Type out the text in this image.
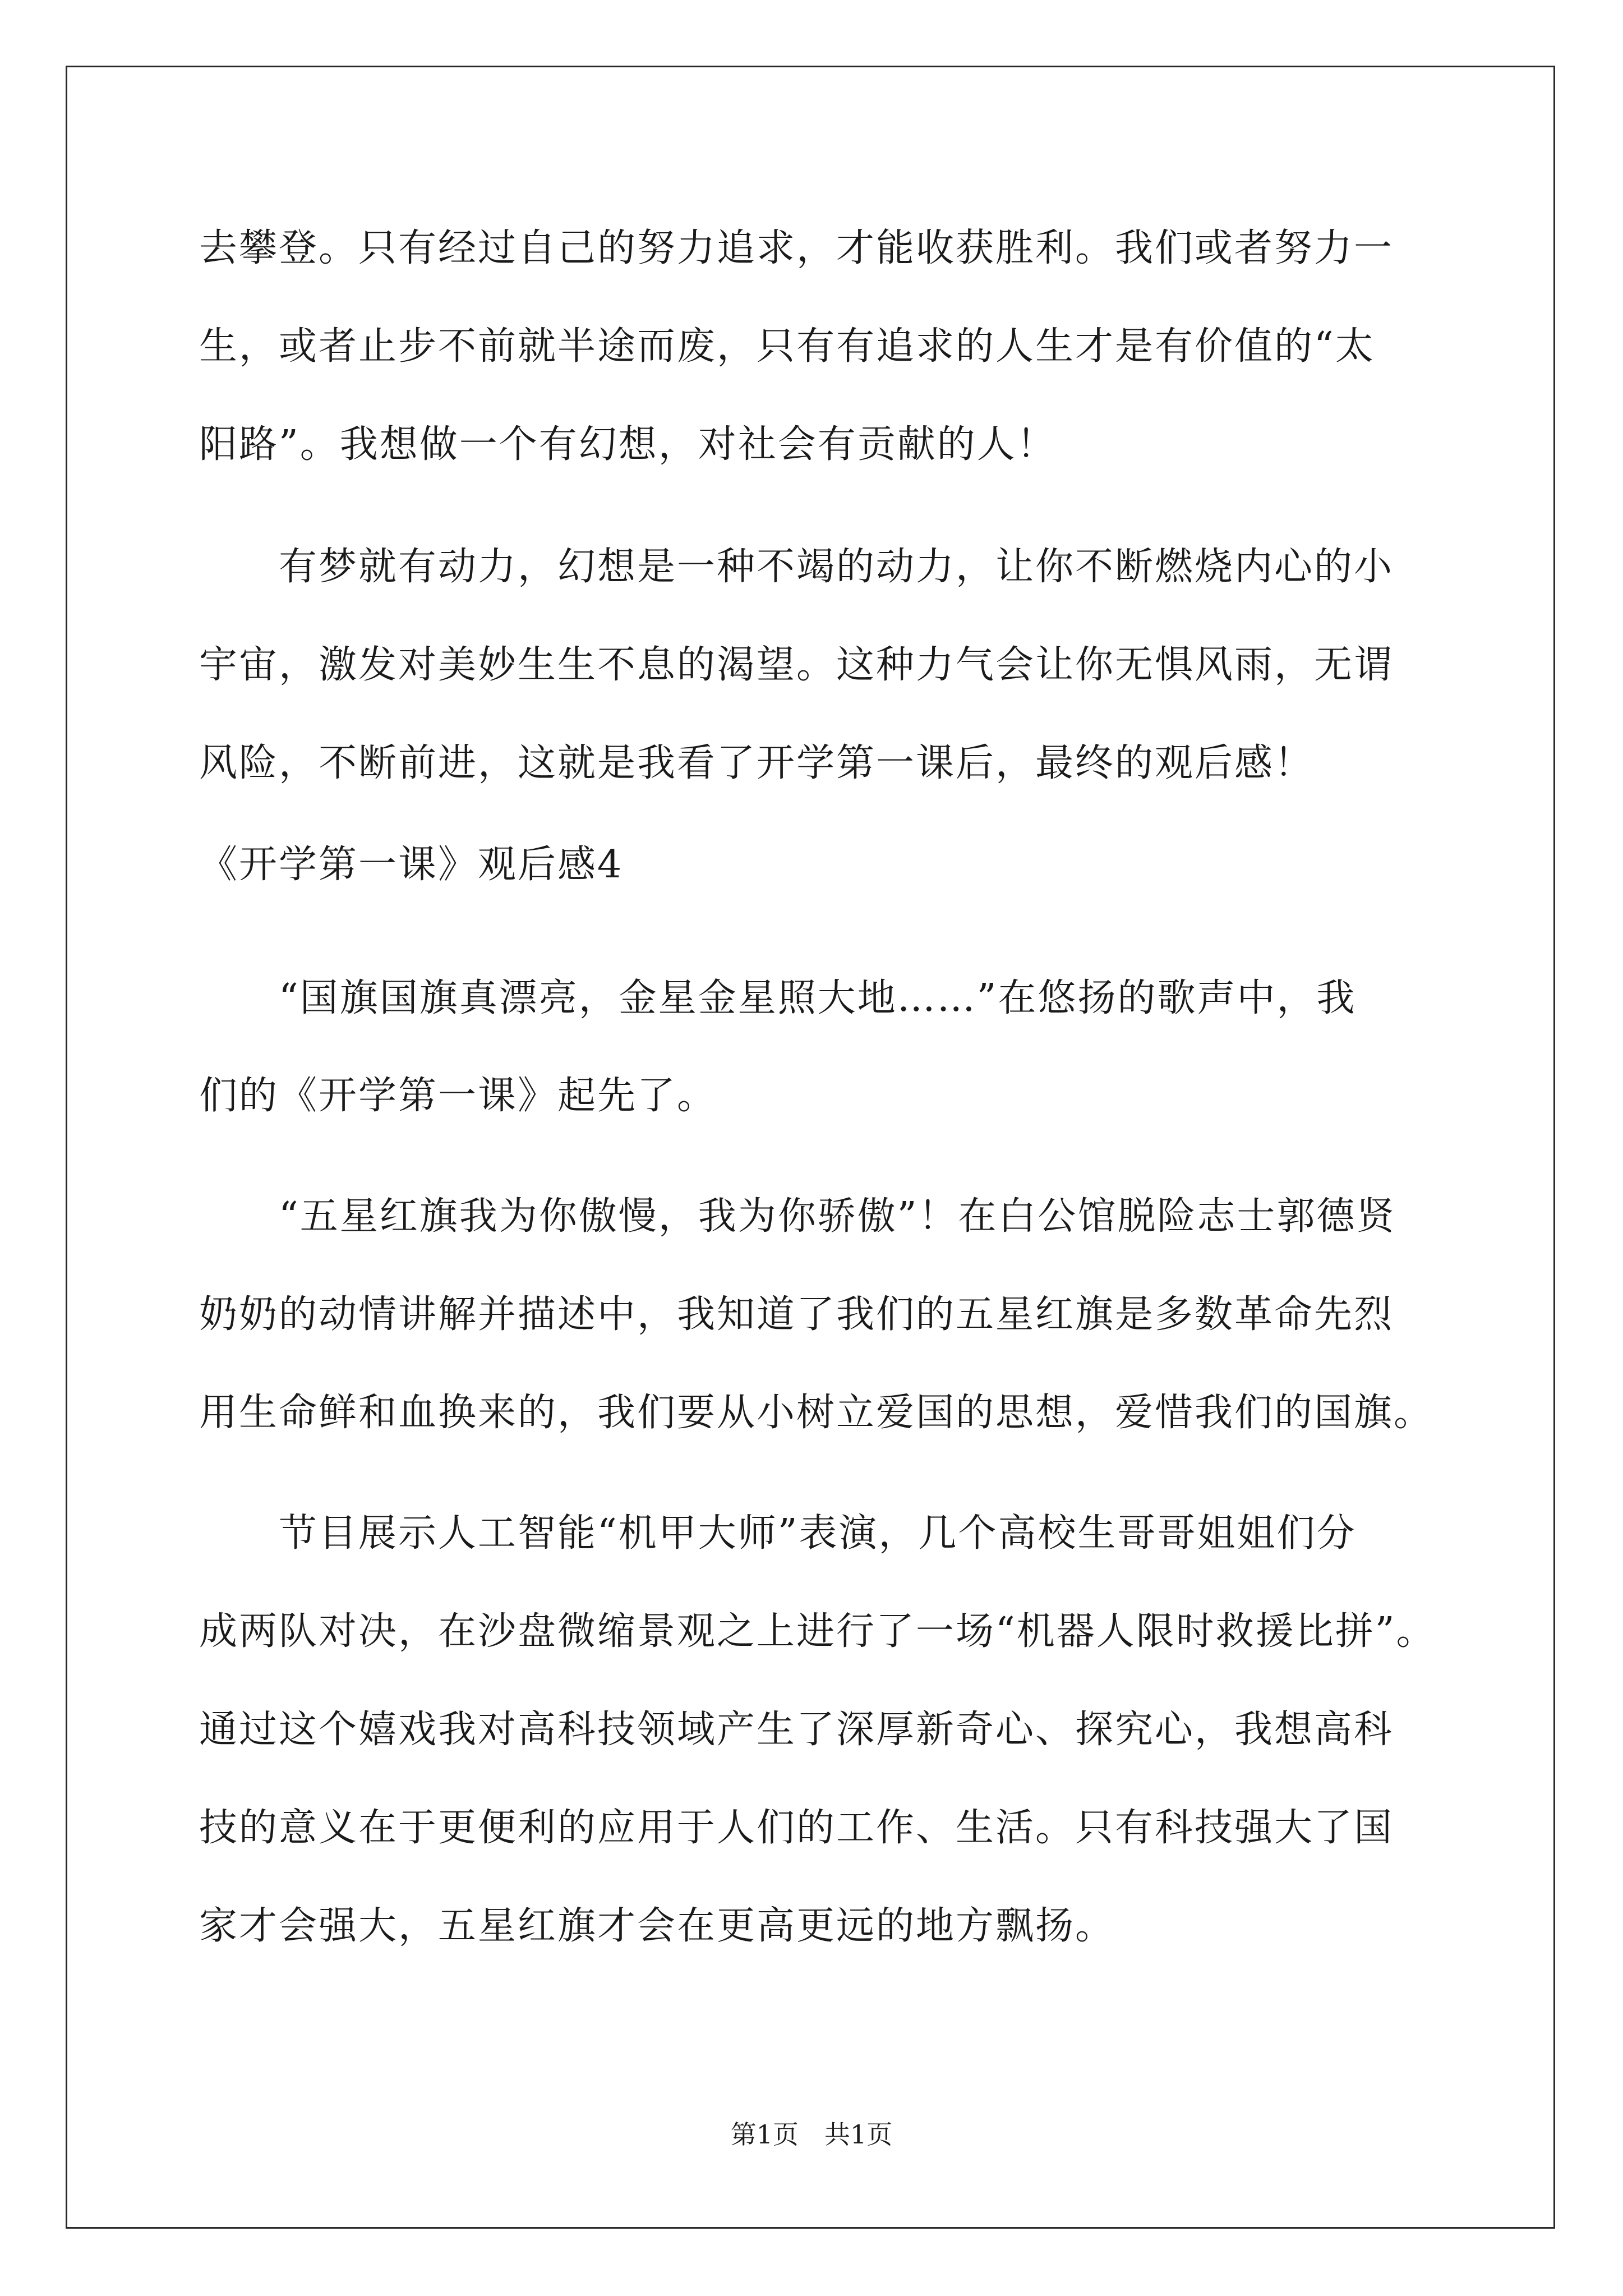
去攀登。只有经过自己的努力追求，才能收获胜利。我们或者努力一

生，或者止步不前就半途而废，只有有追求的人生才是有价值的“太

阳路”。我想做一个有幻想，对社会有贡献的人！

　　有梦就有动力，幻想是一种不竭的动力，让你不断燃烧内心的小

宇宙，激发对美妙生生不息的渴望。这种力气会让你无惧风雨，无谓

风险，不断前进，这就是我看了开学第一课后，最终的观后感！

《开学第一课》观后感4

　　“国旗国旗真漂亮，金星金星照大地……”在悠扬的歌声中，我

们的《开学第一课》起先了。

　　“五星红旗我为你傲慢，我为你骄傲”！在白公馆脱险志士郭德贤

奶奶的动情讲解并描述中，我知道了我们的五星红旗是多数革命先烈

用生命鲜和血换来的，我们要从小树立爱国的思想，爱惜我们的国旗。

　　节目展示人工智能“机甲大师”表演，几个高校生哥哥姐姐们分

成两队对决，在沙盘微缩景观之上进行了一场“机器人限时救援比拼”。

通过这个嬉戏我对高科技领域产生了深厚新奇心、探究心，我想高科

技的意义在于更便利的应用于人们的工作、生活。只有科技强大了国

家才会强大，五星红旗才会在更高更远的地方飘扬。

第1页　共1页
